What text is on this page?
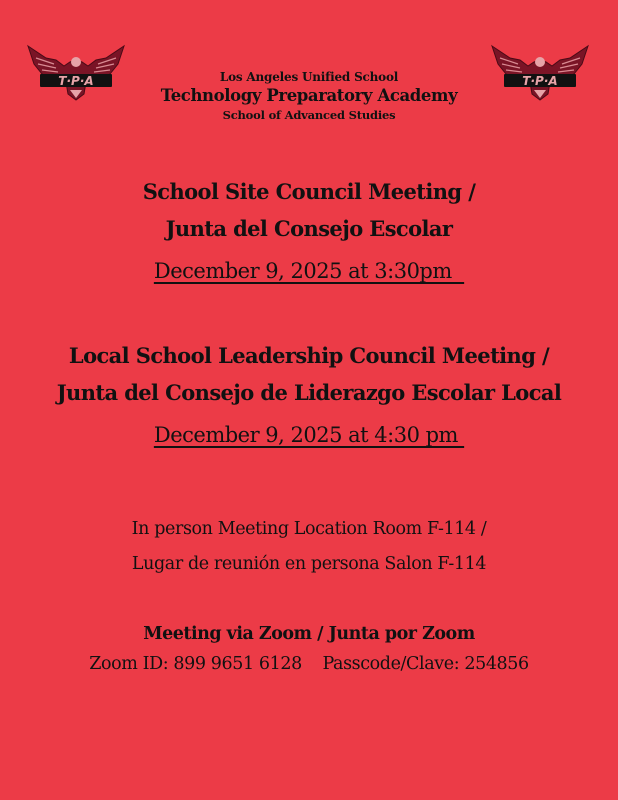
T·P·A	T·P·A
Los Angeles Unified School
Technology Preparatory Academy
School of Advanced Studies
School Site Council Meeting /
Junta del Consejo Escolar
December 9, 2025 at 3:30pm
Local School Leadership Council Meeting /
Junta del Consejo de Liderazgo Escolar Local
December 9, 2025 at 4:30 pm
In person Meeting Location Room F-114 /
Lugar de reunión en persona Salon F-114
Meeting via Zoom / Junta por Zoom
Zoom ID: 899 9651 6128    Passcode/Clave: 254856
